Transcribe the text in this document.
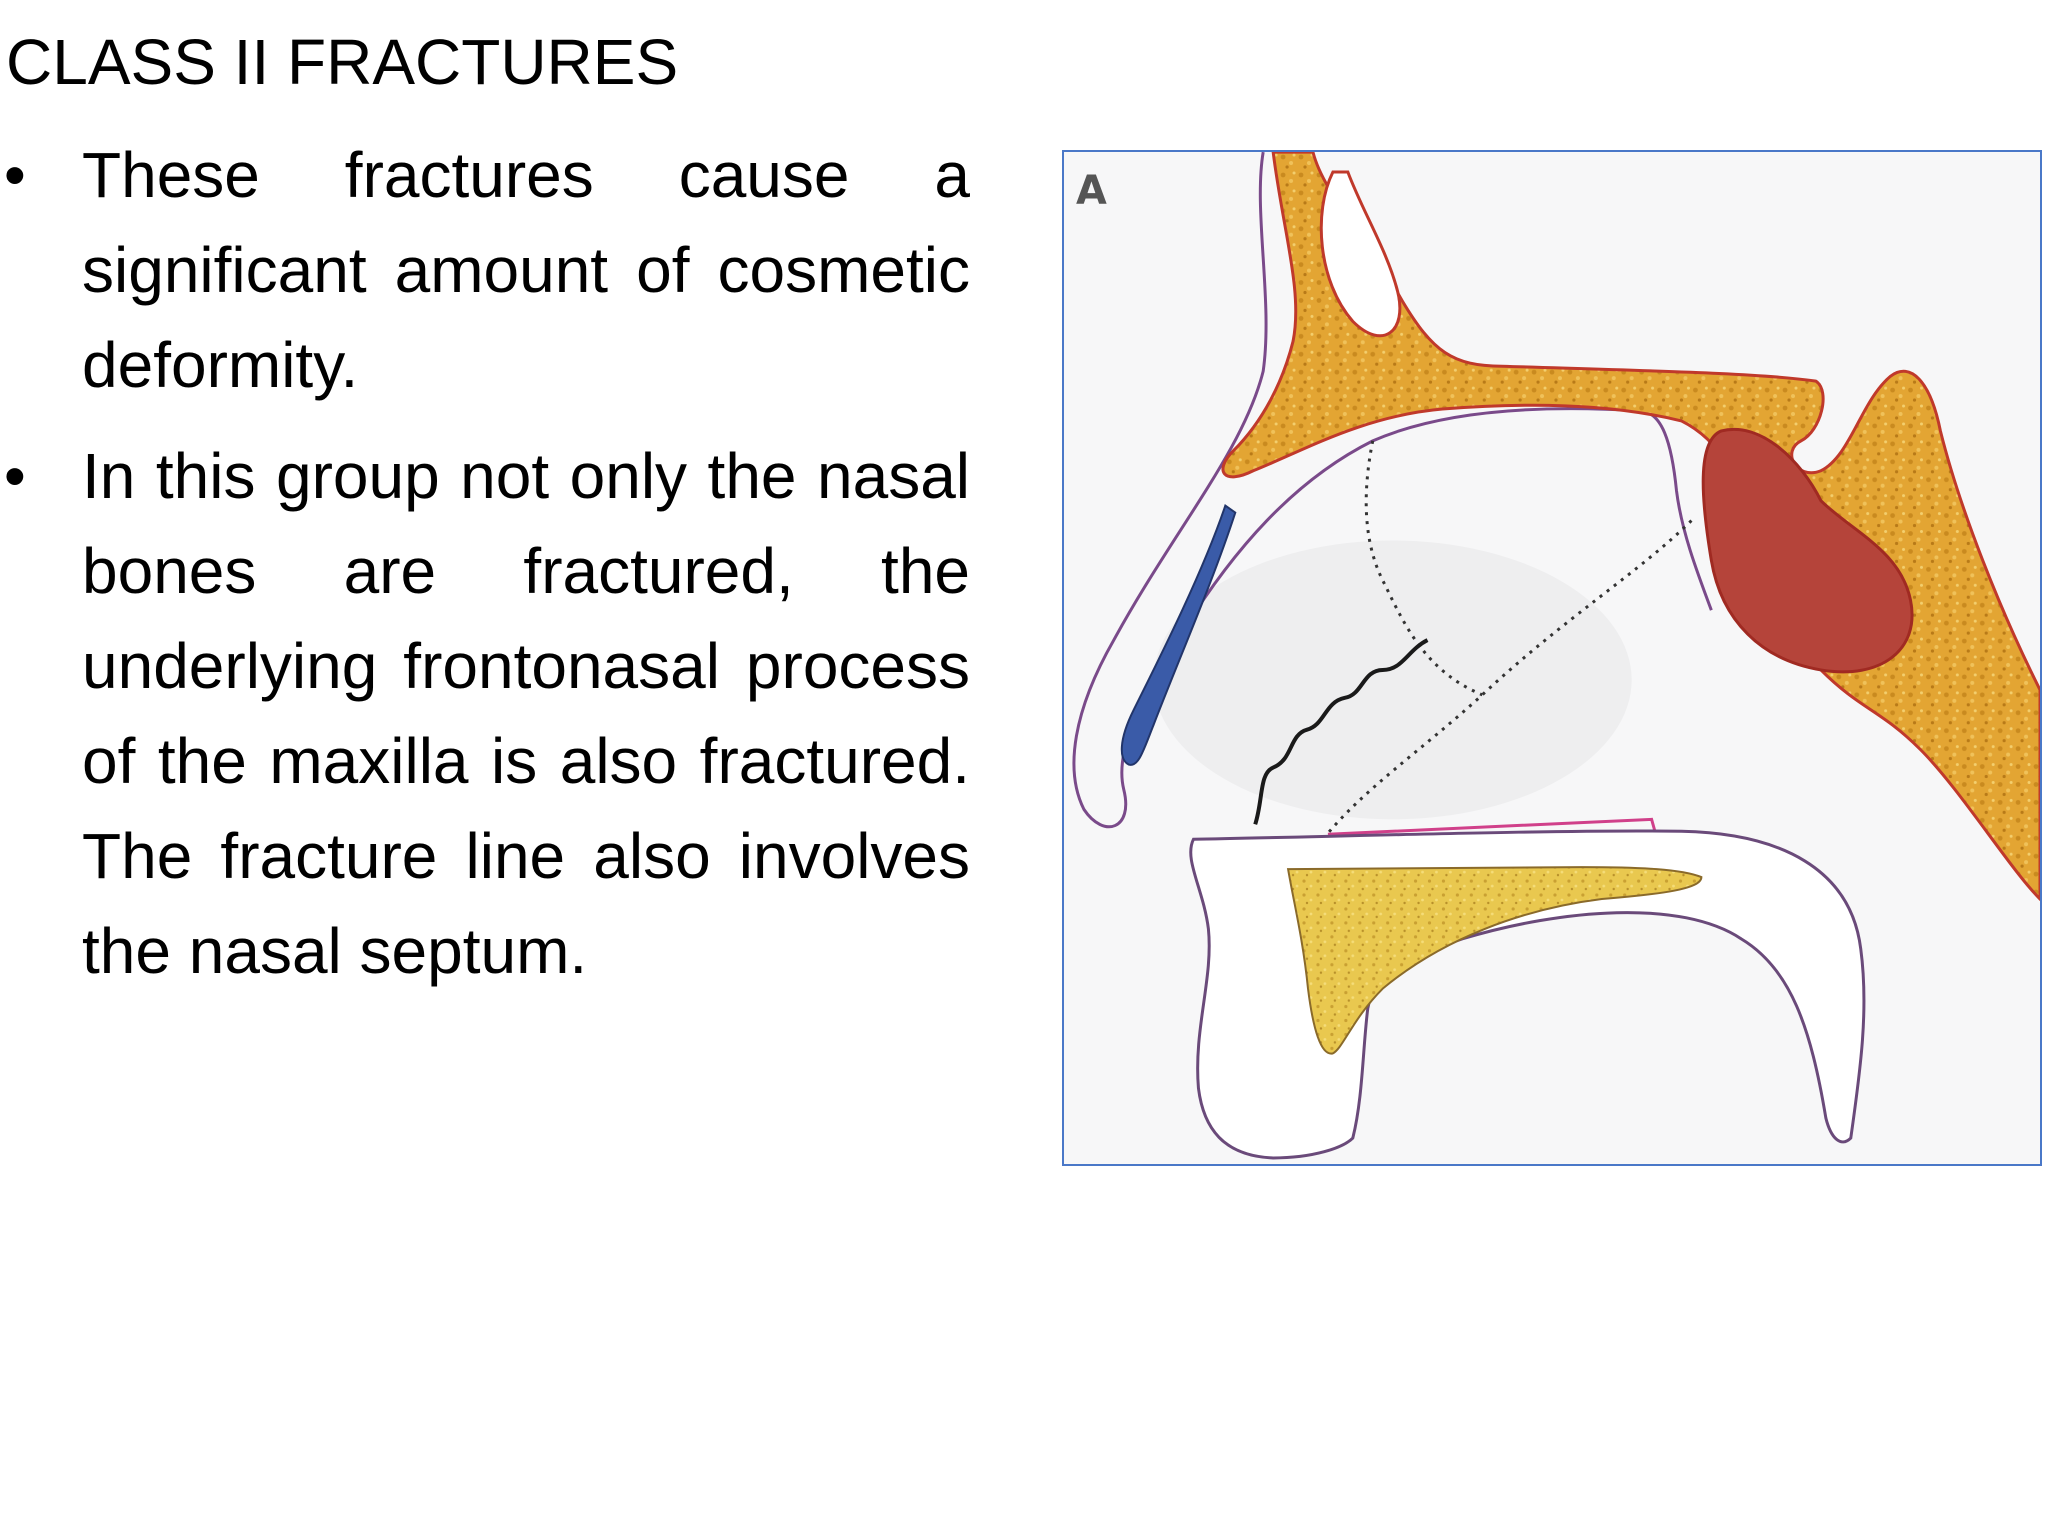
CLASS II FRACTURES
• These fractures cause a significant amount of cosmetic deformity.
• In this group not only the nasal bones are fractured, the underlying frontonasal process of the maxilla is also fractured. The fracture line also involves the nasal septum.
A
